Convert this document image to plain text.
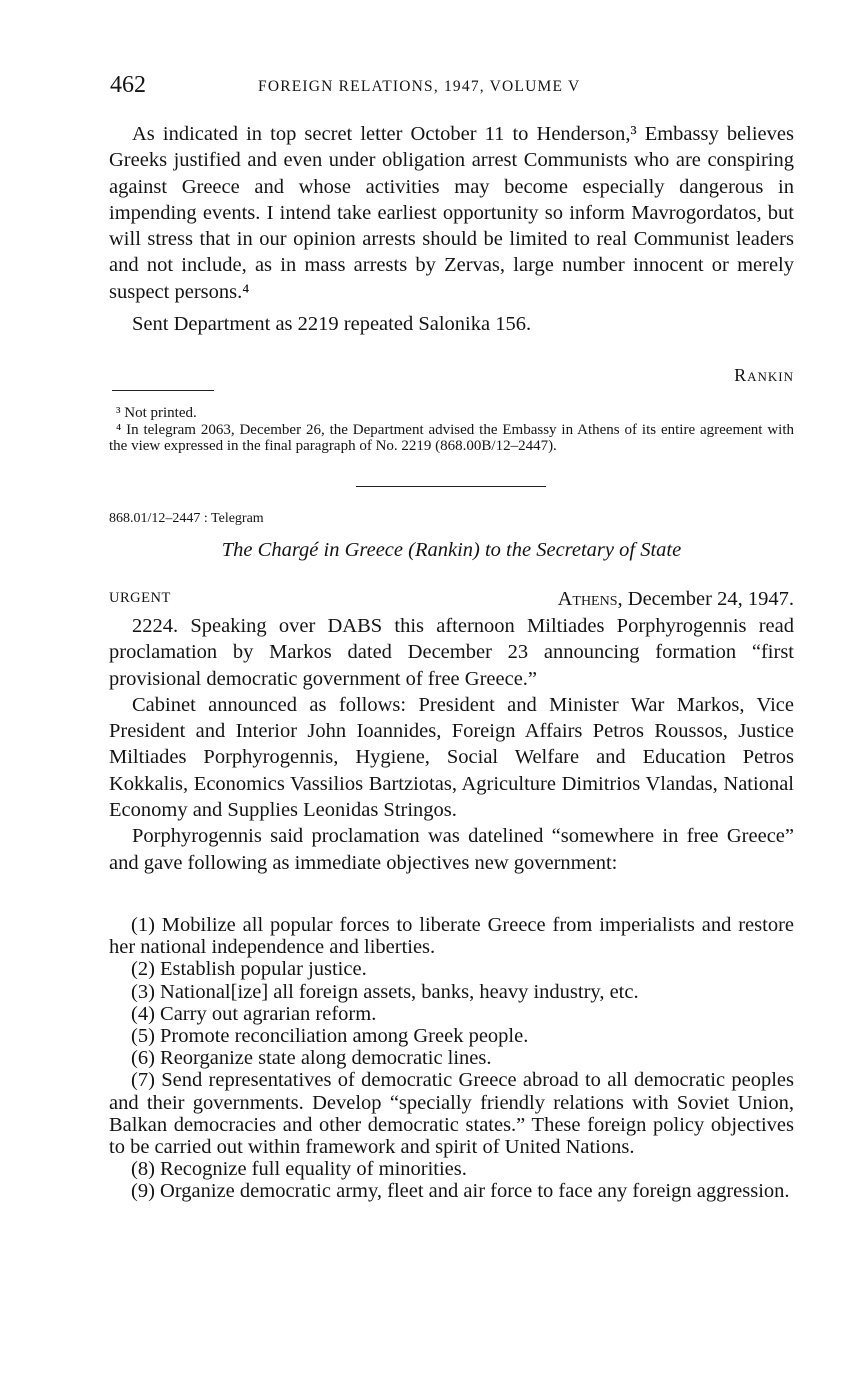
462	FOREIGN RELATIONS, 1947, VOLUME V

As indicated in top secret letter October 11 to Henderson,³ Embassy believes Greeks justified and even under obligation arrest Communists who are conspiring against Greece and whose activities may become especially dangerous in impending events. I intend take earliest opportunity so inform Mavrogordatos, but will stress that in our opinion arrests should be limited to real Communist leaders and not include, as in mass arrests by Zervas, large number innocent or merely suspect persons.⁴

Sent Department as 2219 repeated Salonika 156.

Rankin

³ Not printed.

⁴ In telegram 2063, December 26, the Department advised the Embassy in Athens of its entire agreement with the view expressed in the final paragraph of No. 2219 (868.00B/12–2447).

868.01/12–2447 : Telegram
The Chargé in Greece (Rankin) to the Secretary of State
URGENT	Athens, December 24, 1947.

2224. Speaking over DABS this afternoon Miltiades Porphyrogennis read proclamation by Markos dated December 23 announcing formation “first provisional democratic government of free Greece.”

Cabinet announced as follows: President and Minister War Markos, Vice President and Interior John Ioannides, Foreign Affairs Petros Roussos, Justice Miltiades Porphyrogennis, Hygiene, Social Welfare and Education Petros Kokkalis, Economics Vassilios Bartziotas, Agriculture Dimitrios Vlandas, National Economy and Supplies Leonidas Stringos.

Porphyrogennis said proclamation was datelined “somewhere in free Greece” and gave following as immediate objectives new government:

(1) Mobilize all popular forces to liberate Greece from imperialists and restore her national independence and liberties.

(2) Establish popular justice.

(3) National[ize] all foreign assets, banks, heavy industry, etc.

(4) Carry out agrarian reform.

(5) Promote reconciliation among Greek people.

(6) Reorganize state along democratic lines.

(7) Send representatives of democratic Greece abroad to all democratic peoples and their governments. Develop “specially friendly relations with Soviet Union, Balkan democracies and other democratic states.” These foreign policy objectives to be carried out within framework and spirit of United Nations.

(8) Recognize full equality of minorities.

(9) Organize democratic army, fleet and air force to face any foreign aggression.
